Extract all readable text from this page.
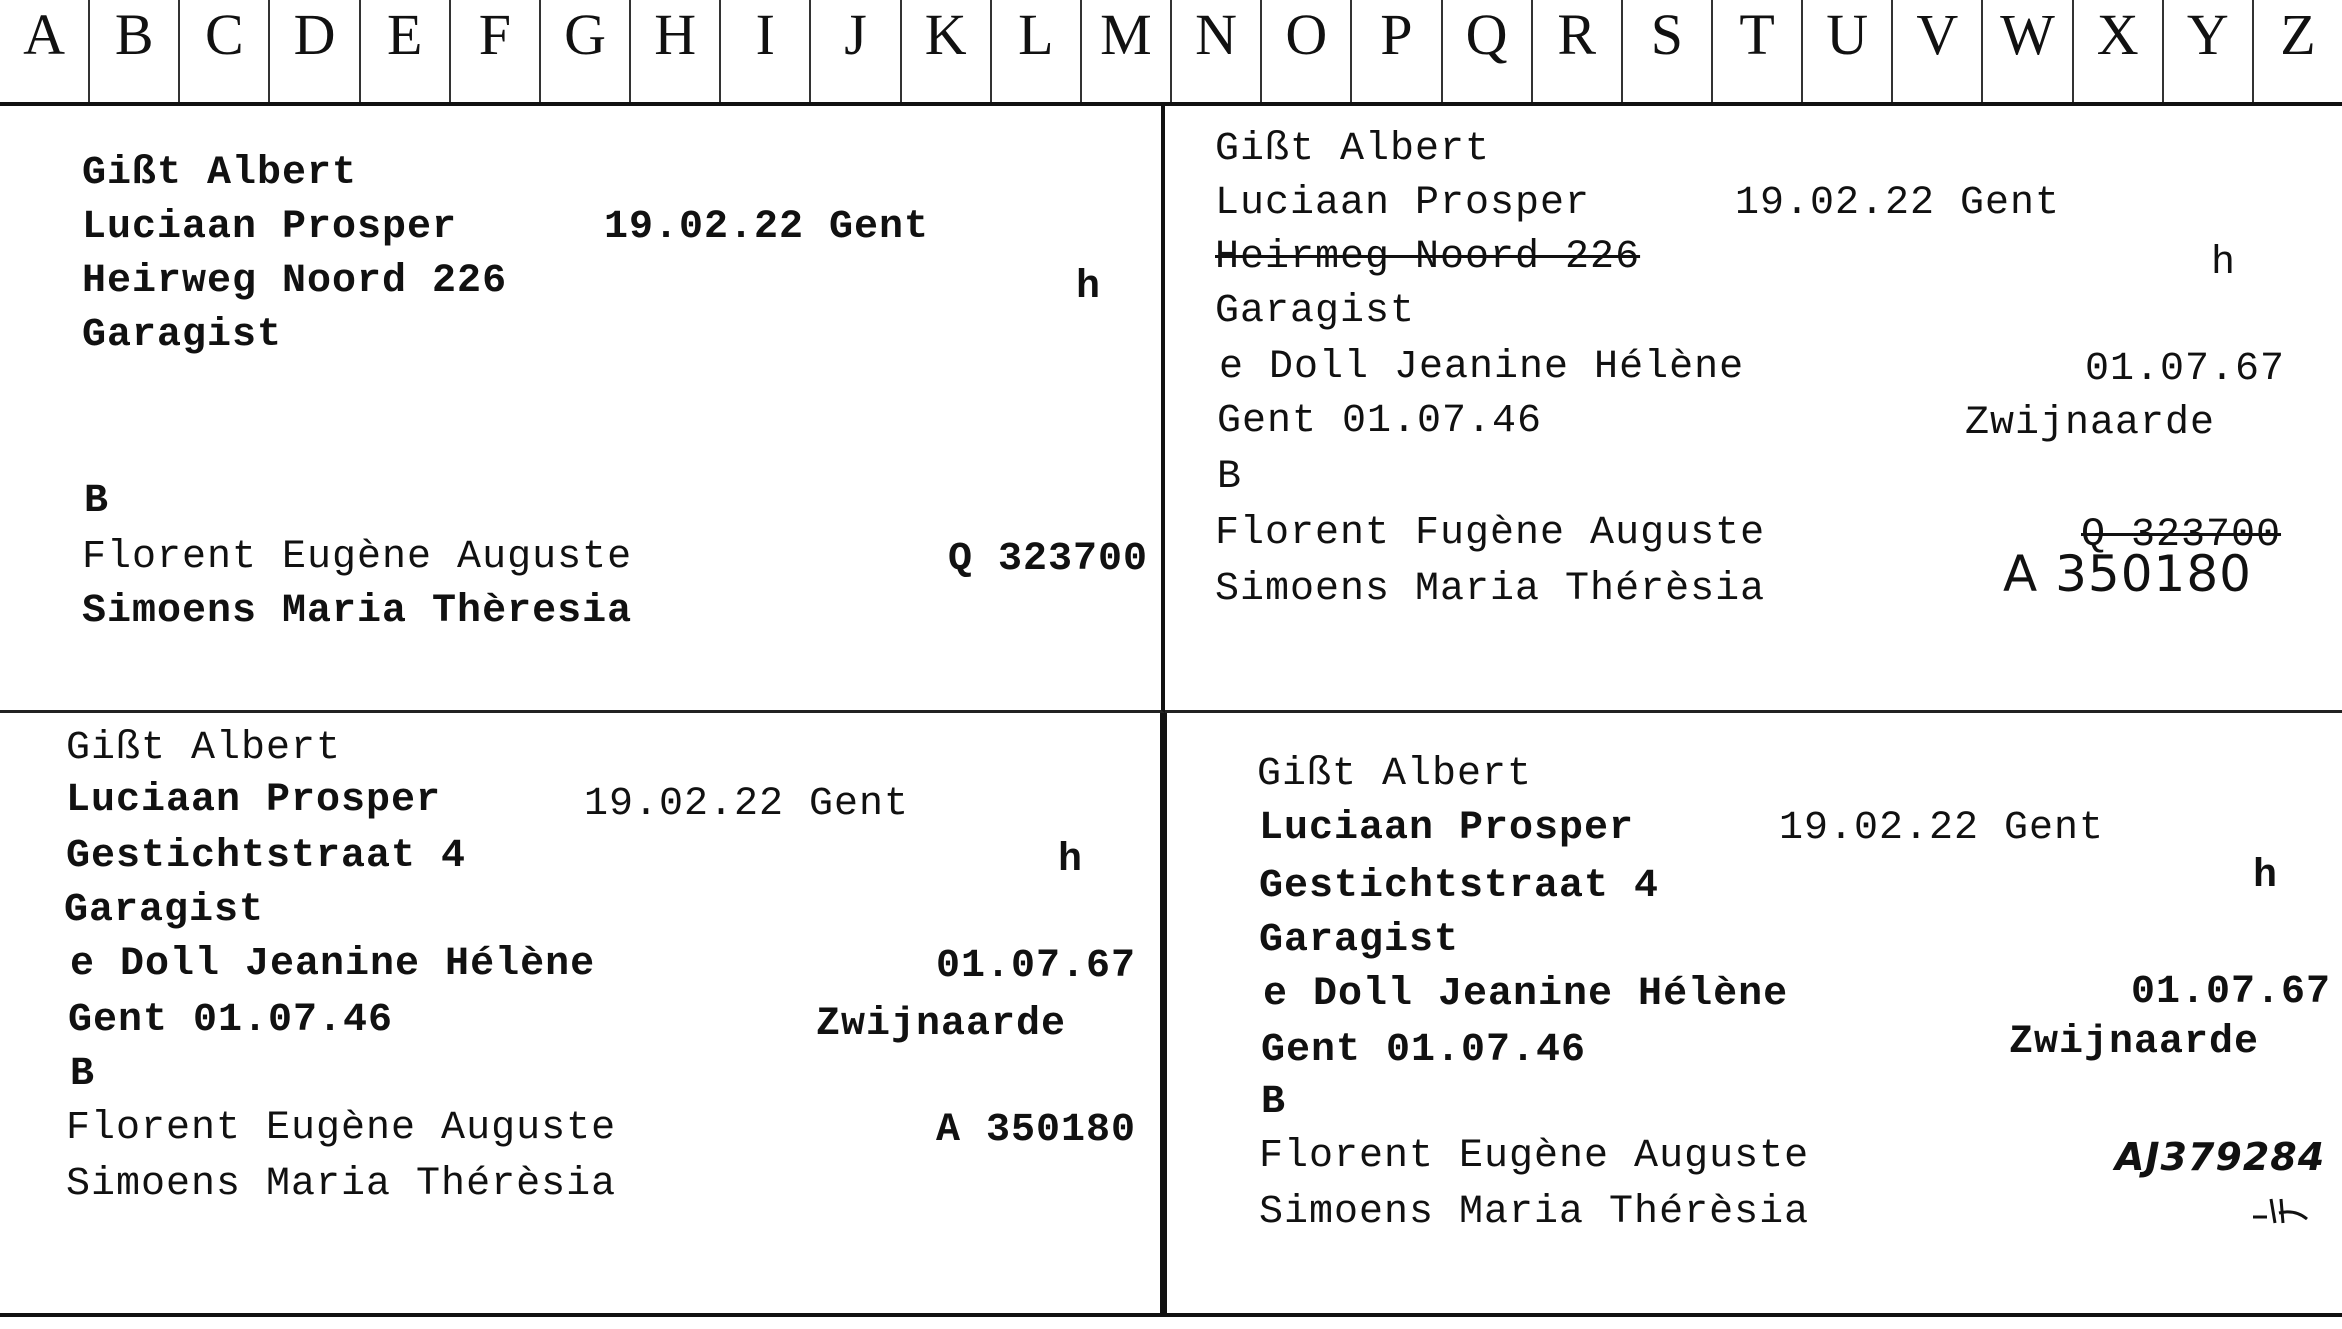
A B C D E F G H	I	J K L M N O P Q R S T U V W X Y Z
Gißt Albert
Luciaan Prosper	19.02.22 Gent
Heirweg Noord 226	h
Garagist
B
Florent Eugène Auguste	Q 323700
Simoens Maria Thèresia
Gißt Albert
Luciaan Prosper	19.02.22 Gent
Heirmeg Noord 226	h
Garagist
e Doll Jeanine Hélène	01.07.67
Gent 01.07.46	Zwijnaarde
B
Florent Fugène Auguste	Q 323700
Simoens Maria Thérèsia	A 350180
Gißt Albert
Luciaan Prosper	19.02.22 Gent
Gestichtstraat 4	h
Garagist
e Doll Jeanine Hélène	01.07.67
Gent 01.07.46	Zwijnaarde
B
Florent Eugène Auguste	A 350180
Simoens Maria Thérèsia
Gißt Albert
Luciaan Prosper	19.02.22 Gent
Gestichtstraat 4	h
Garagist
e Doll Jeanine Hélène	01.07.67
Gent 01.07.46	Zwijnaarde
B
Florent Eugène Auguste	AJ379284
Simoens Maria Thérèsia
